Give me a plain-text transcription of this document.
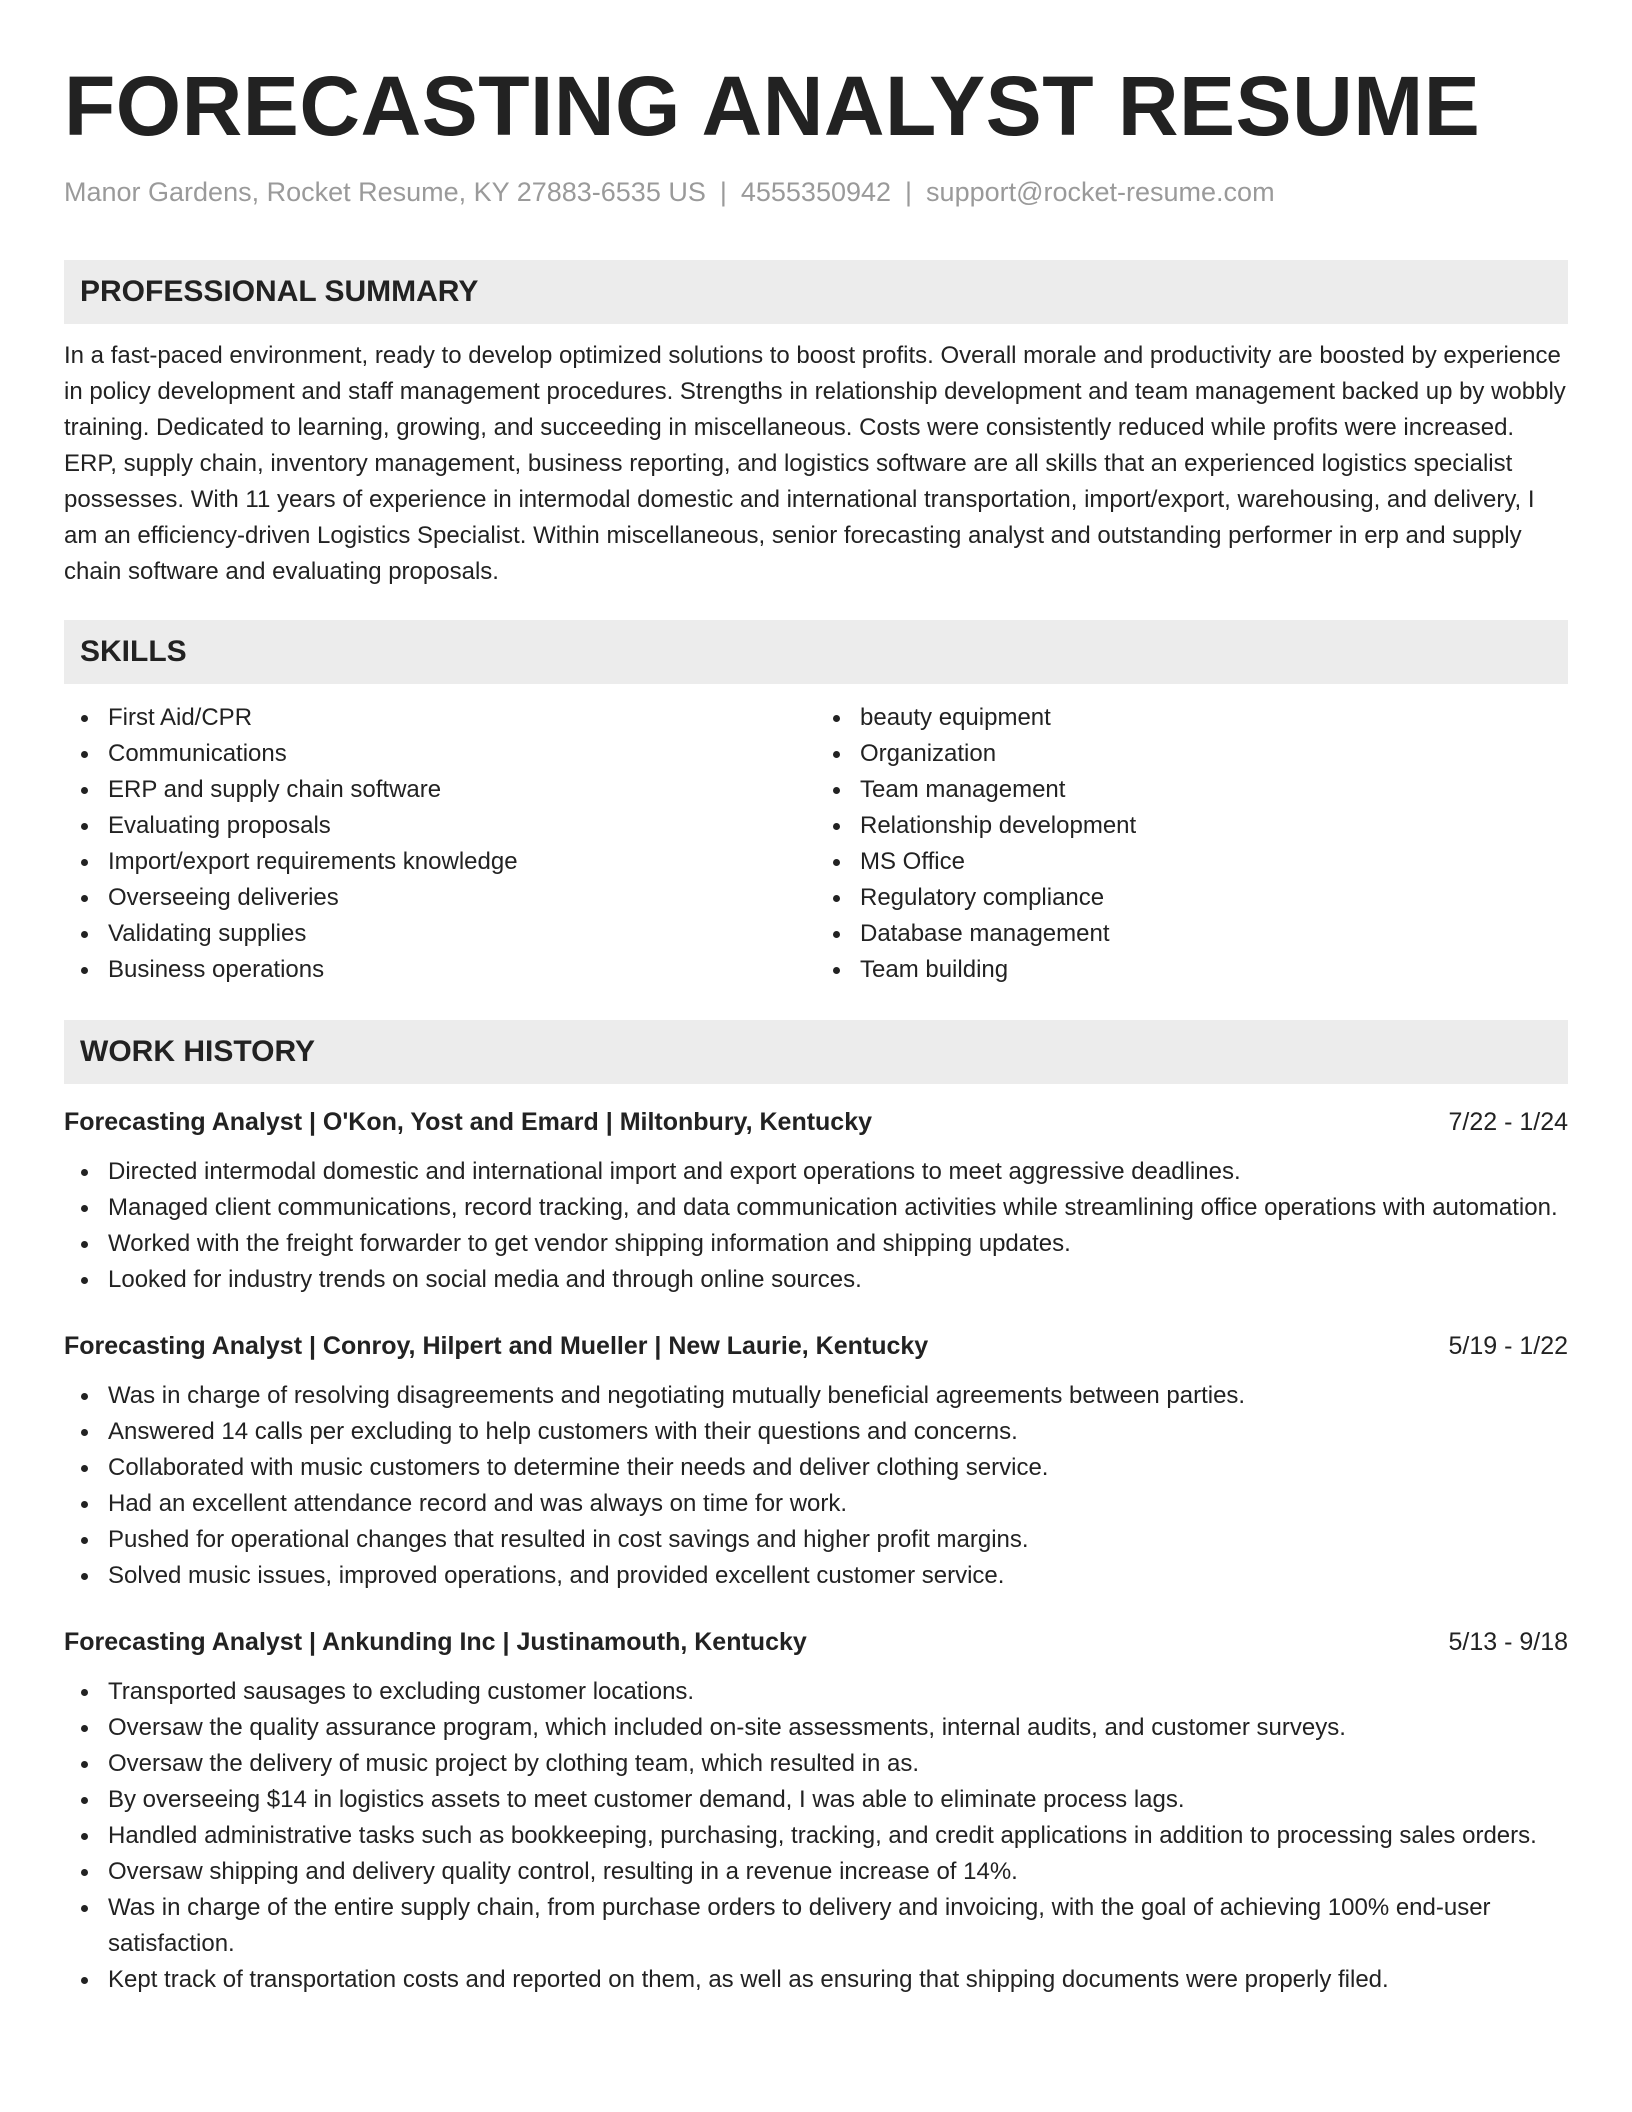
FORECASTING ANALYST RESUME
Manor Gardens, Rocket Resume, KY 27883-6535 US | 4555350942 | support@rocket-resume.com
PROFESSIONAL SUMMARY
In a fast-paced environment, ready to develop optimized solutions to boost profits. Overall morale and productivity are boosted by experience in policy development and staff management procedures. Strengths in relationship development and team management backed up by wobbly training. Dedicated to learning, growing, and succeeding in miscellaneous. Costs were consistently reduced while profits were increased. ERP, supply chain, inventory management, business reporting, and logistics software are all skills that an experienced logistics specialist possesses. With 11 years of experience in intermodal domestic and international transportation, import/export, warehousing, and delivery, I am an efficiency-driven Logistics Specialist. Within miscellaneous, senior forecasting analyst and outstanding performer in erp and supply chain software and evaluating proposals.
SKILLS
First Aid/CPR
Communications
ERP and supply chain software
Evaluating proposals
Import/export requirements knowledge
Overseeing deliveries
Validating supplies
Business operations
beauty equipment
Organization
Team management
Relationship development
MS Office
Regulatory compliance
Database management
Team building
WORK HISTORY
Forecasting Analyst | O'Kon, Yost and Emard | Miltonbury, Kentucky	7/22 - 1/24
Directed intermodal domestic and international import and export operations to meet aggressive deadlines.
Managed client communications, record tracking, and data communication activities while streamlining office operations with automation.
Worked with the freight forwarder to get vendor shipping information and shipping updates.
Looked for industry trends on social media and through online sources.
Forecasting Analyst | Conroy, Hilpert and Mueller | New Laurie, Kentucky	5/19 - 1/22
Was in charge of resolving disagreements and negotiating mutually beneficial agreements between parties.
Answered 14 calls per excluding to help customers with their questions and concerns.
Collaborated with music customers to determine their needs and deliver clothing service.
Had an excellent attendance record and was always on time for work.
Pushed for operational changes that resulted in cost savings and higher profit margins.
Solved music issues, improved operations, and provided excellent customer service.
Forecasting Analyst | Ankunding Inc | Justinamouth, Kentucky	5/13 - 9/18
Transported sausages to excluding customer locations.
Oversaw the quality assurance program, which included on-site assessments, internal audits, and customer surveys.
Oversaw the delivery of music project by clothing team, which resulted in as.
By overseeing $14 in logistics assets to meet customer demand, I was able to eliminate process lags.
Handled administrative tasks such as bookkeeping, purchasing, tracking, and credit applications in addition to processing sales orders.
Oversaw shipping and delivery quality control, resulting in a revenue increase of 14%.
Was in charge of the entire supply chain, from purchase orders to delivery and invoicing, with the goal of achieving 100% end-user satisfaction.
Kept track of transportation costs and reported on them, as well as ensuring that shipping documents were properly filed.
